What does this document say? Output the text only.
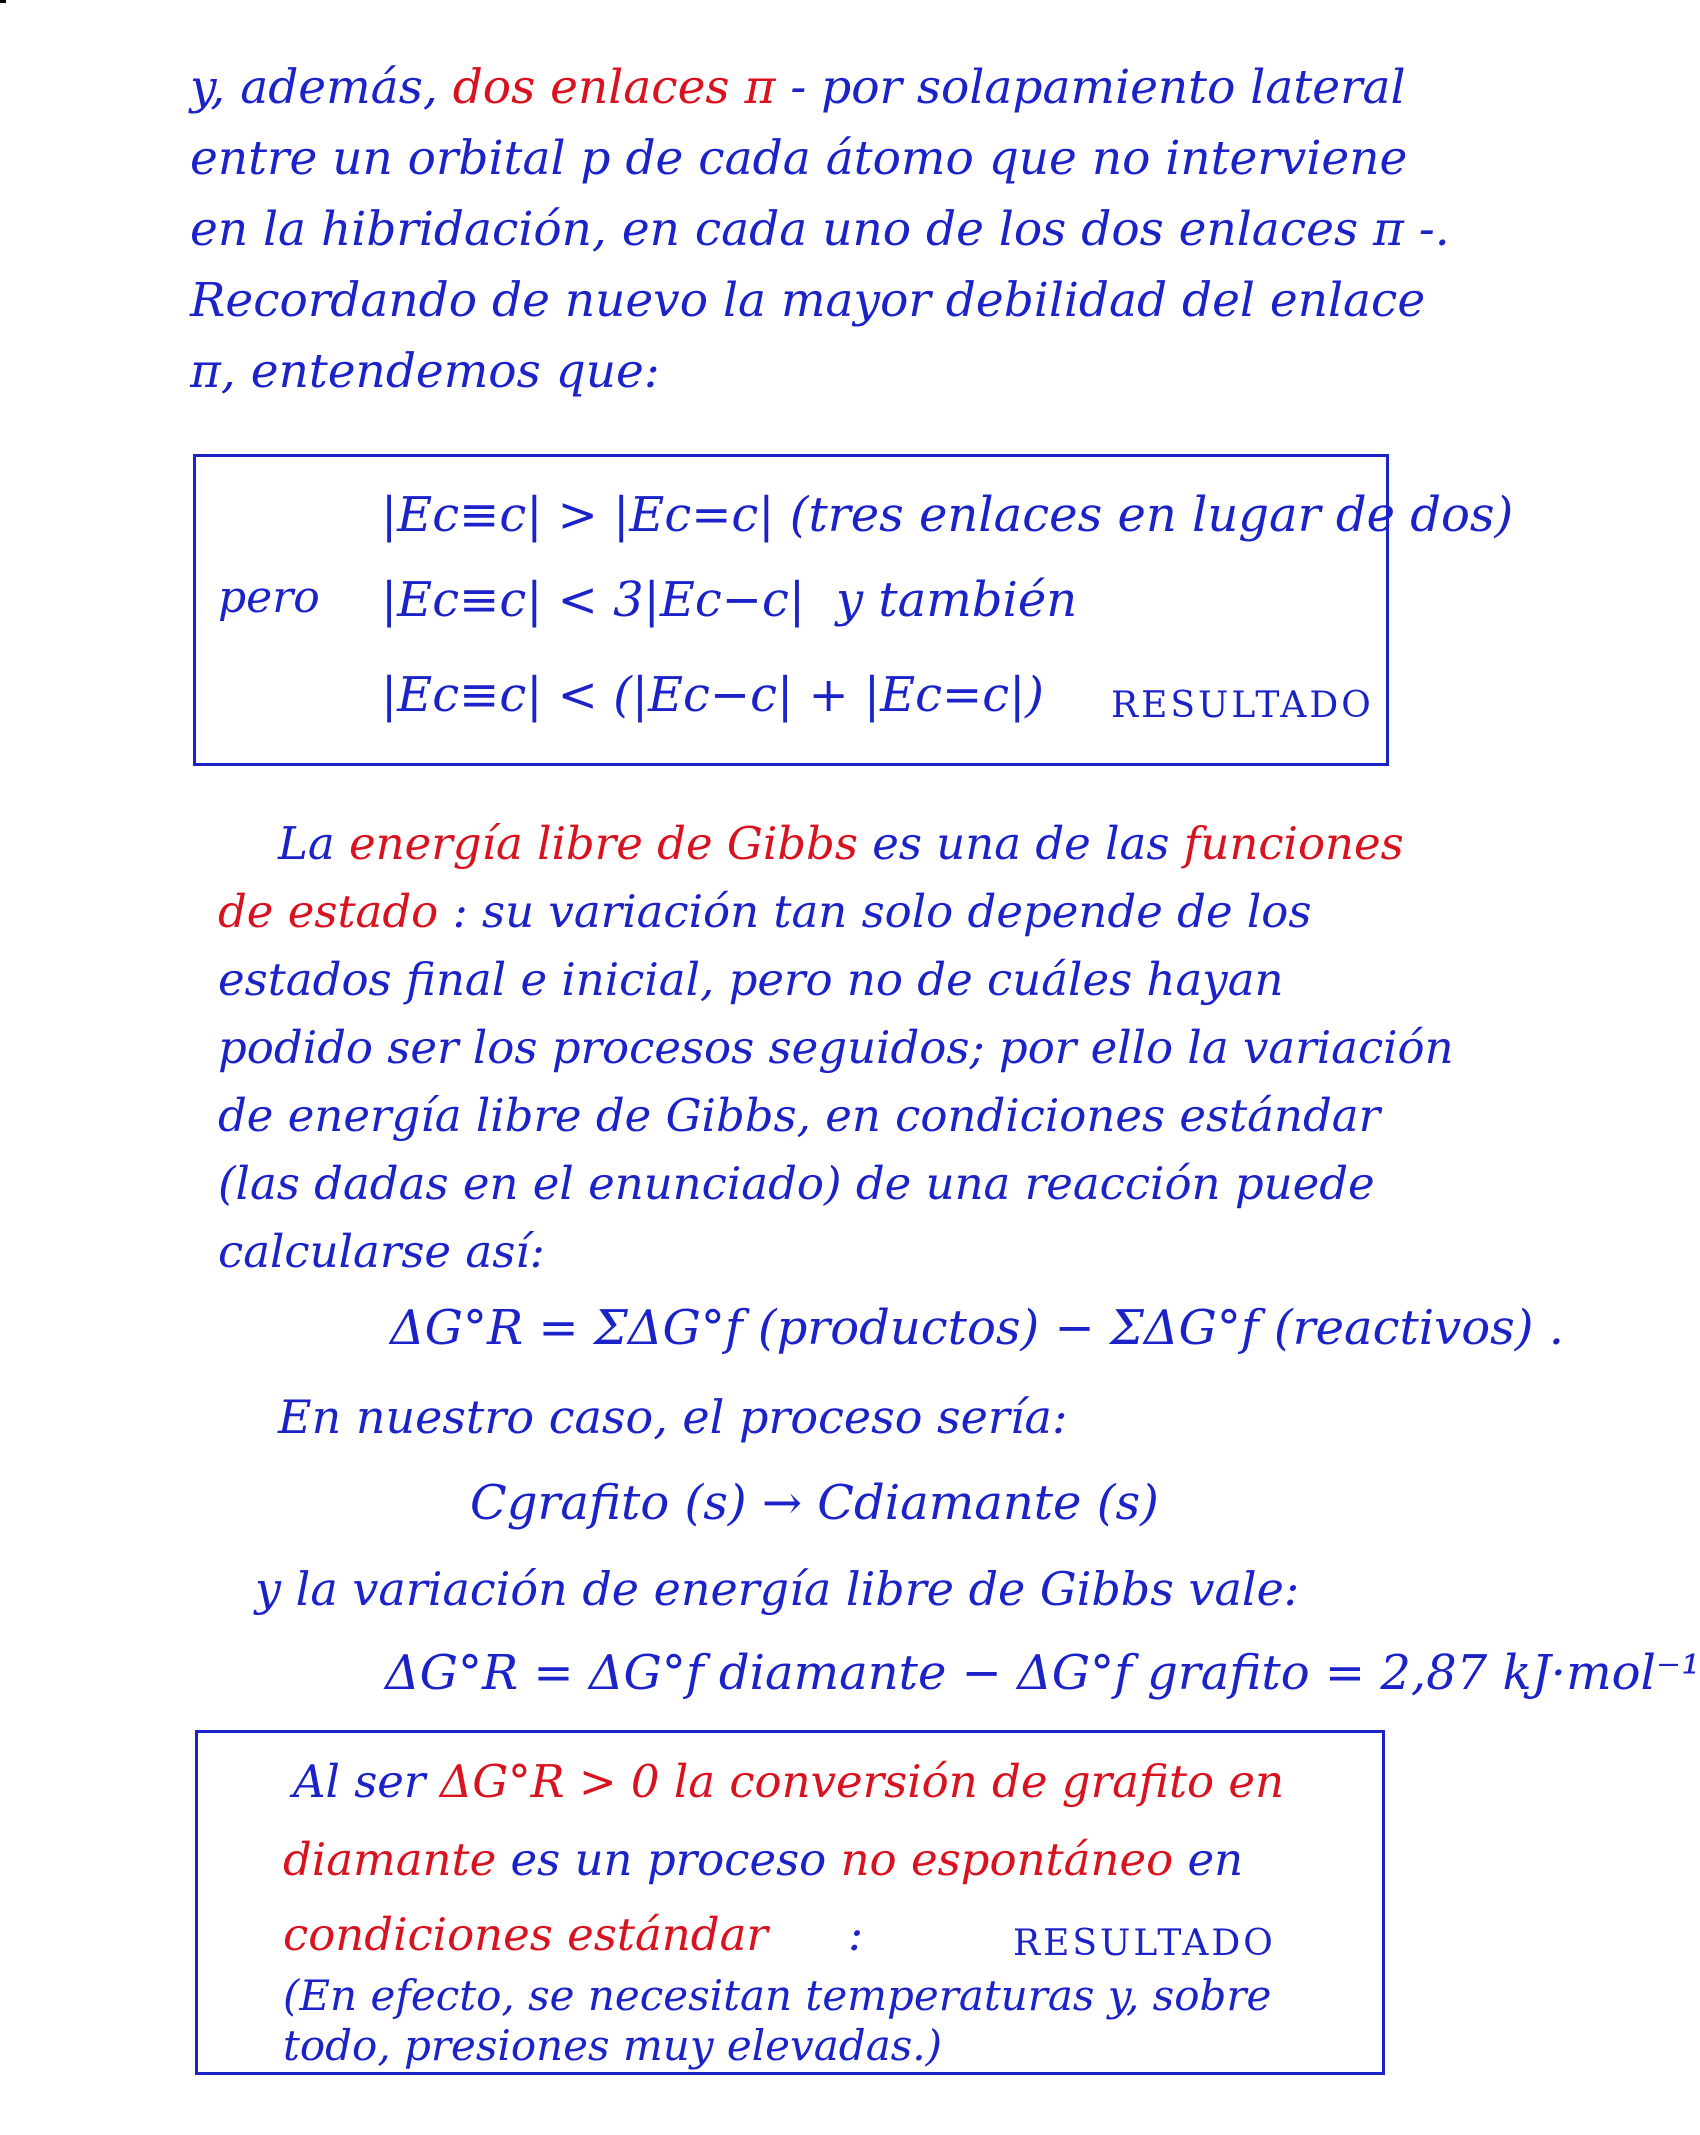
y, además, dos enlaces π - por solapamiento lateral
entre un orbital p de cada átomo que no interviene
en la hibridación, en cada uno de los dos enlaces π -.
Recordando de nuevo la mayor debilidad del enlace
π, entendemos que:
|Ec≡c| > |Ec=c| (tres enlaces en lugar de dos)
pero |Ec≡c| < 3|Ec−c| y también
|Ec≡c| < (|Ec−c| + |Ec=c|) RESULTADO
La energía libre de Gibbs es una de las funciones
de estado : su variación tan solo depende de los
estados final e inicial, pero no de cuáles hayan
podido ser los procesos seguidos; por ello la variación
de energía libre de Gibbs, en condiciones estándar
(las dadas en el enunciado) de una reacción puede
calcularse así:
ΔG°R = ΣΔG°f (productos) − ΣΔG°f (reactivos) .
En nuestro caso, el proceso sería:
Cgrafito (s) → Cdiamante (s)
y la variación de energía libre de Gibbs vale:
ΔG°R = ΔG°f diamante − ΔG°f grafito = 2,87 kJ·mol⁻¹
Al ser ΔG°R > 0 la conversión de grafito en
diamante es un proceso no espontáneo en
condiciones estándar :	RESULTADO
(En efecto, se necesitan temperaturas y, sobre
todo, presiones muy elevadas.)
